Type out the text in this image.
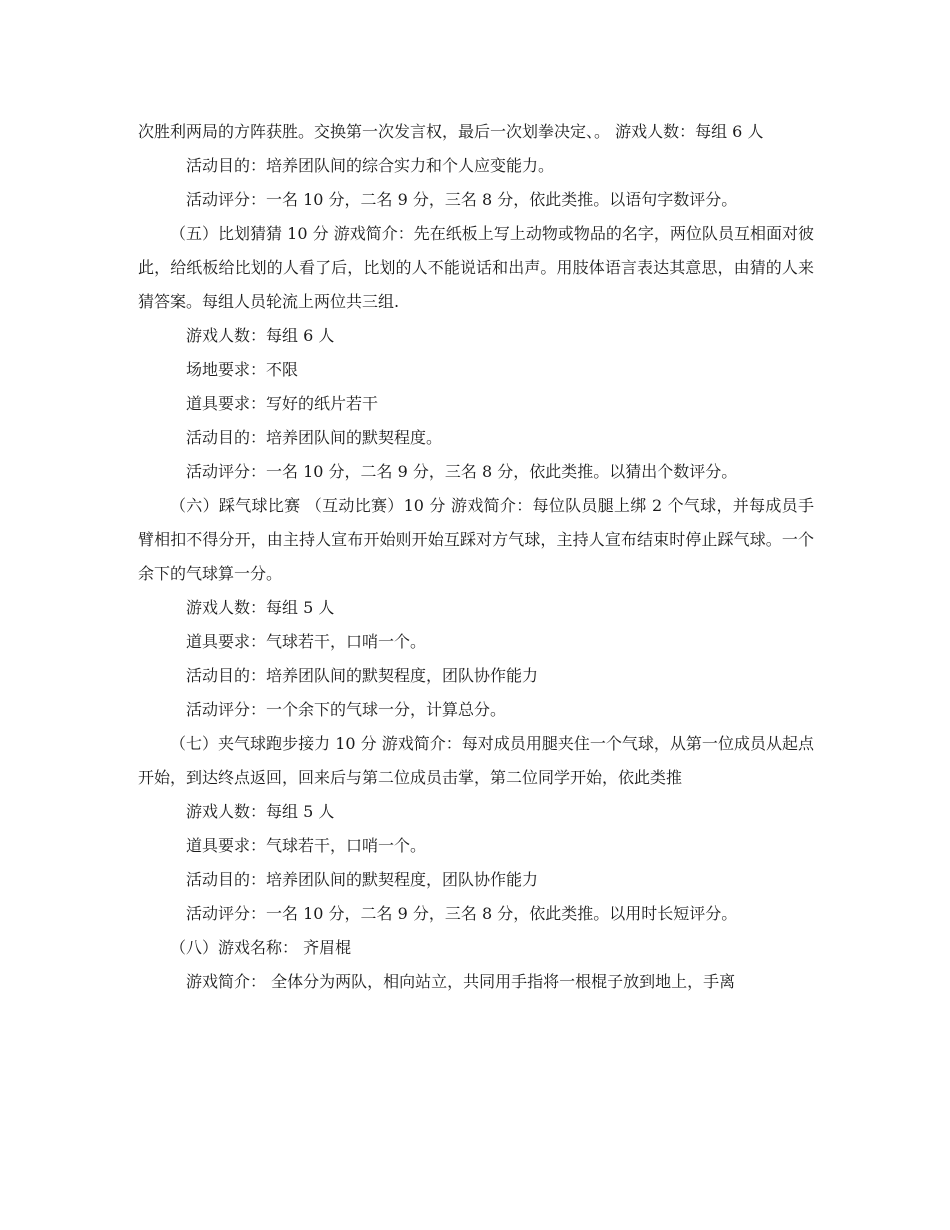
次胜利两局的方阵获胜。交换第一次发言权，最后一次划拳决定、。 游戏人数：每组 6 人

活动目的：培养团队间的综合实力和个人应变能力。

活动评分：一名 10 分，二名 9 分，三名 8 分，依此类推。以语句字数评分。

（五）比划猜猜 10 分 游戏简介：先在纸板上写上动物或物品的名字，两位队员互相面对彼此，给纸板给比划的人看了后，比划的人不能说话和出声。用肢体语言表达其意思，由猜的人来猜答案。每组人员轮流上两位共三组.

游戏人数：每组 6 人

场地要求：不限

道具要求：写好的纸片若干

活动目的：培养团队间的默契程度。

活动评分：一名 10 分，二名 9 分，三名 8 分，依此类推。以猜出个数评分。

（六）踩气球比赛 （互动比赛）10 分 游戏简介：每位队员腿上绑 2 个气球，并每成员手臂相扣不得分开，由主持人宣布开始则开始互踩对方气球，主持人宣布结束时停止踩气球。一个余下的气球算一分。

游戏人数：每组 5 人

道具要求：气球若干，口哨一个。

活动目的：培养团队间的默契程度，团队协作能力

活动评分：一个余下的气球一分，计算总分。

（七）夹气球跑步接力 10 分 游戏简介：每对成员用腿夹住一个气球，从第一位成员从起点开始，到达终点返回，回来后与第二位成员击掌，第二位同学开始，依此类推

游戏人数：每组 5 人

道具要求：气球若干，口哨一个。

活动目的：培养团队间的默契程度，团队协作能力

活动评分：一名 10 分，二名 9 分，三名 8 分，依此类推。以用时长短评分。

（八）游戏名称： 齐眉棍

游戏简介： 全体分为两队，相向站立，共同用手指将一根棍子放到地上，手离
